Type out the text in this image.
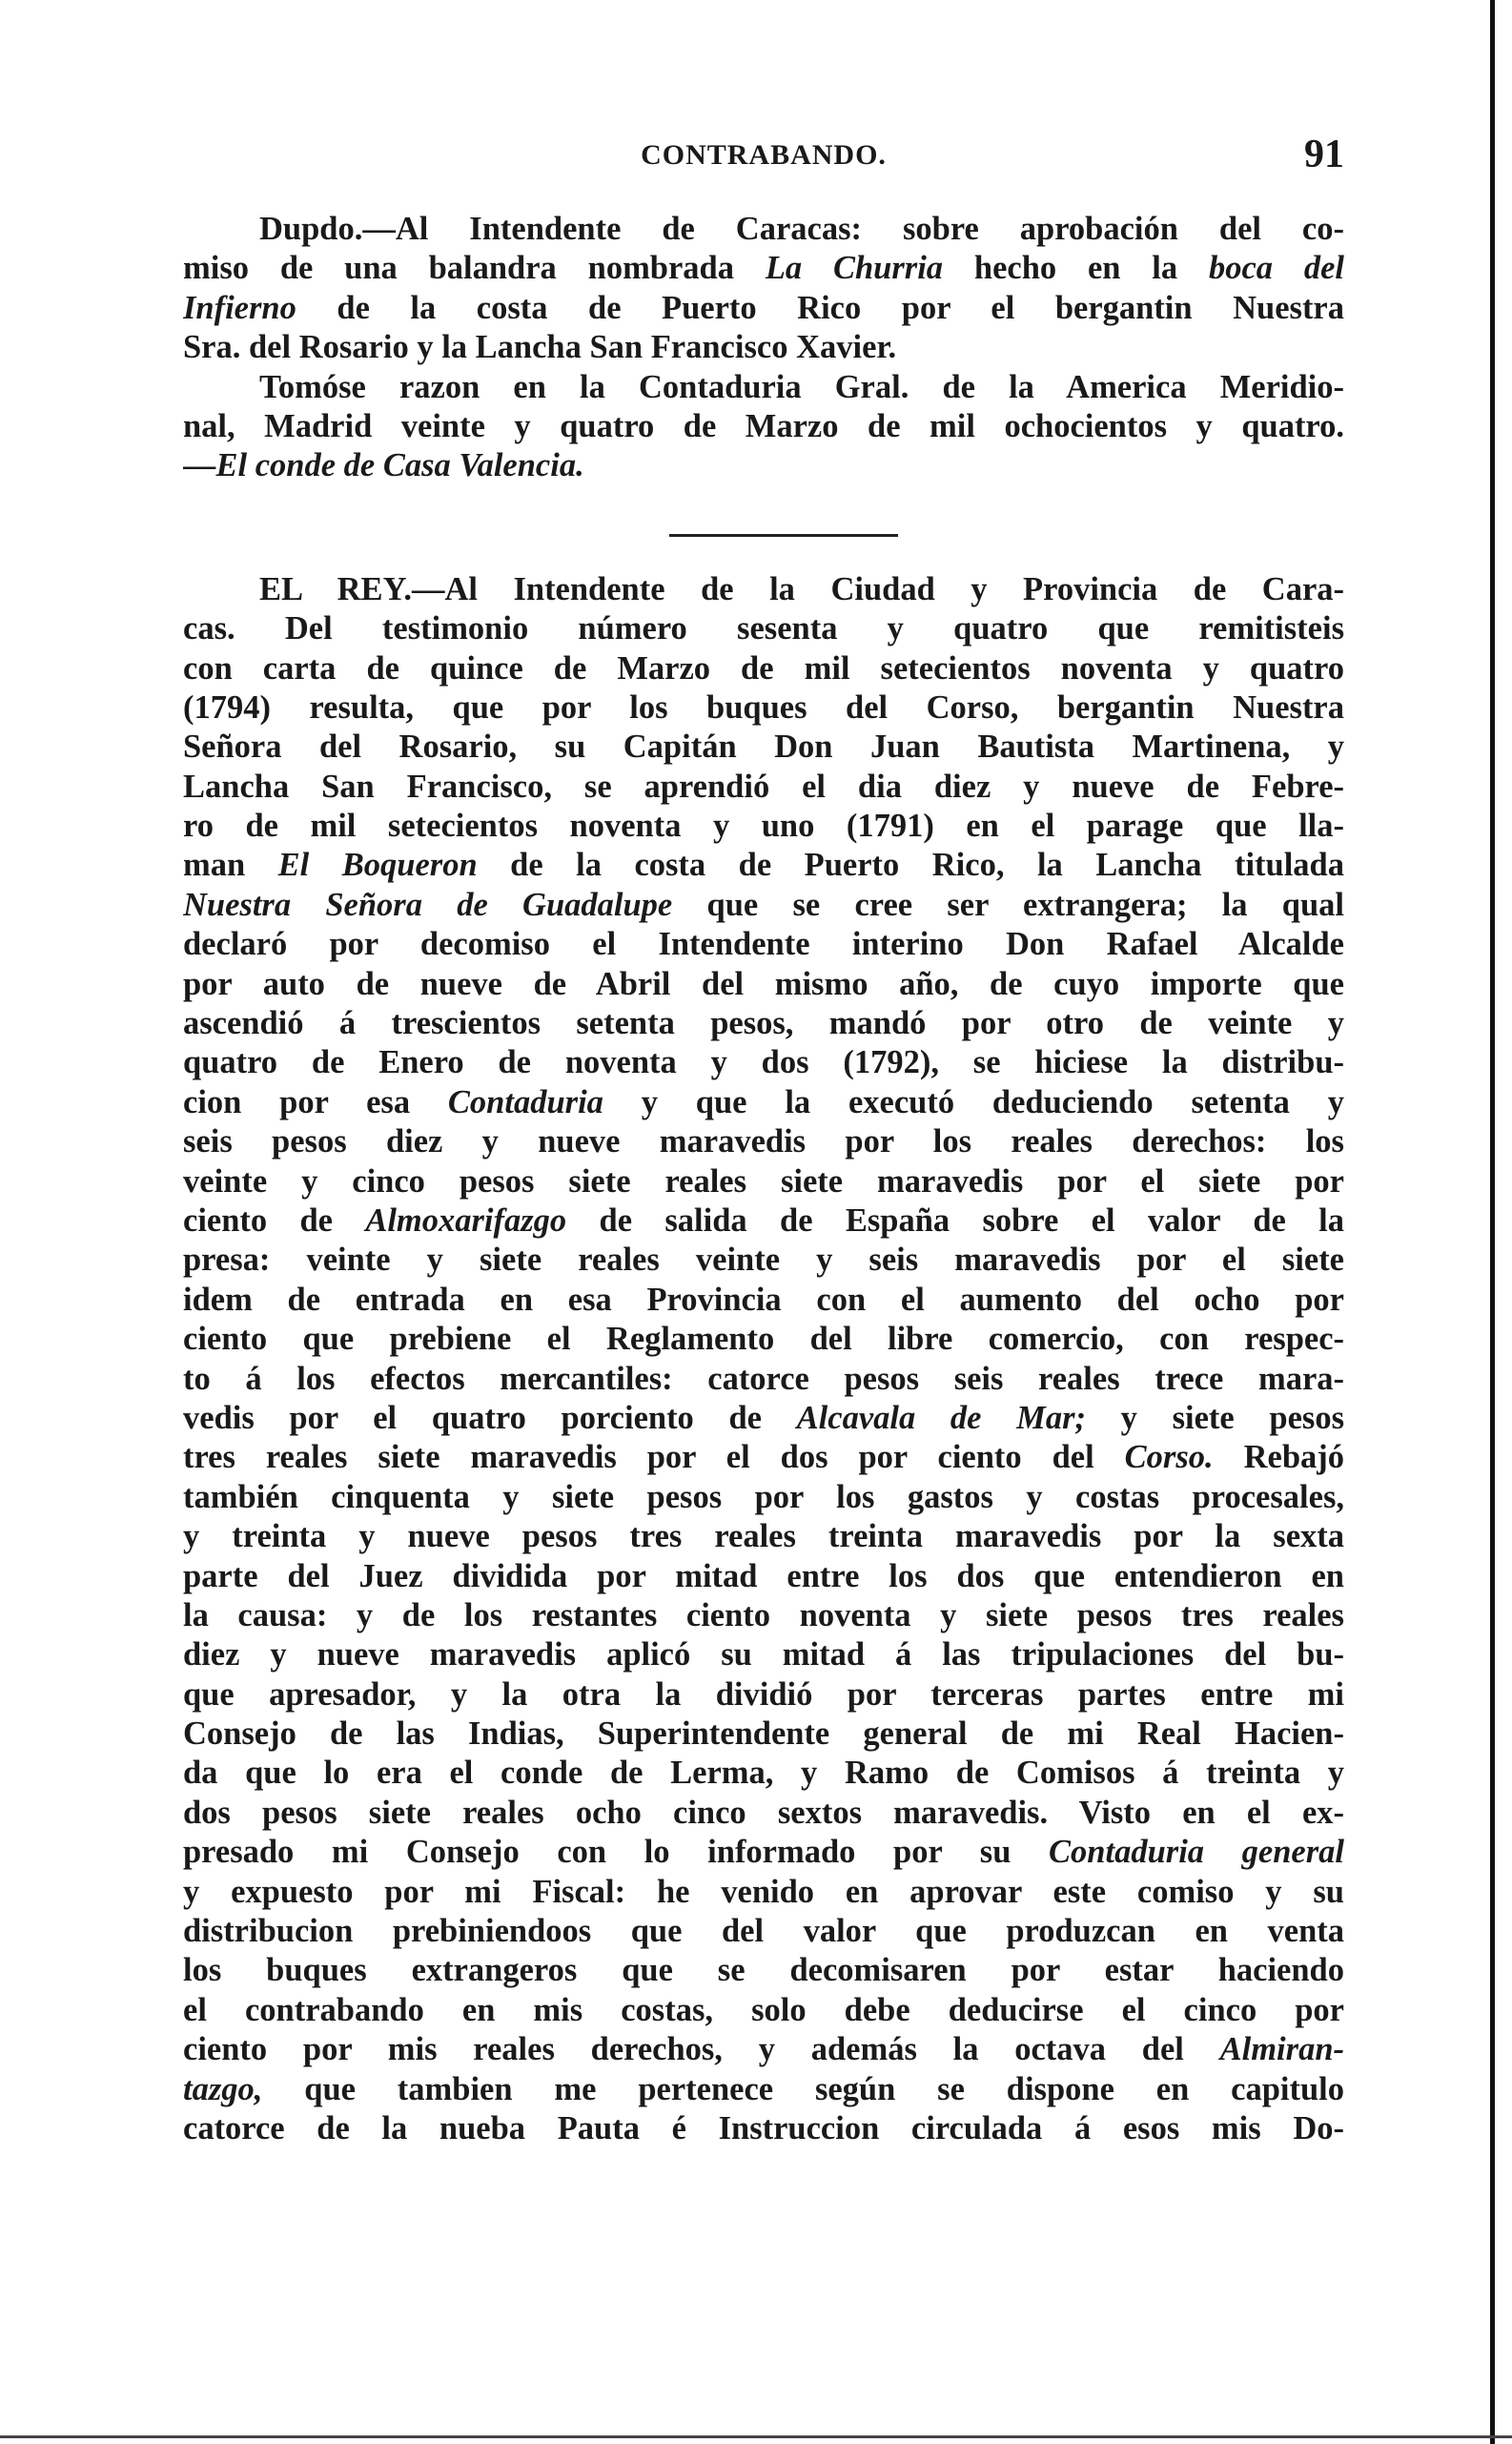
CONTRABANDO.	91
Dupdo.—Al Intendente de Caracas: sobre aprobación del co-
miso de una balandra nombrada La Churria hecho en la boca del
Infierno de la costa de Puerto Rico por el bergantin Nuestra
Sra. del Rosario y la Lancha San Francisco Xavier.
Tomóse razon en la Contaduria Gral. de la America Meridio-
nal, Madrid veinte y quatro de Marzo de mil ochocientos y quatro.
—El conde de Casa Valencia.
EL REY.—Al Intendente de la Ciudad y Provincia de Cara-
cas. Del testimonio número sesenta y quatro que remitisteis
con carta de quince de Marzo de mil setecientos noventa y quatro
(1794) resulta, que por los buques del Corso, bergantin Nuestra
Señora del Rosario, su Capitán Don Juan Bautista Martinena, y
Lancha San Francisco, se aprendió el dia diez y nueve de Febre-
ro de mil setecientos noventa y uno (1791) en el parage que lla-
man El Boqueron de la costa de Puerto Rico, la Lancha titulada
Nuestra Señora de Guadalupe que se cree ser extrangera; la qual
declaró por decomiso el Intendente interino Don Rafael Alcalde
por auto de nueve de Abril del mismo año, de cuyo importe que
ascendió á trescientos setenta pesos, mandó por otro de veinte y
quatro de Enero de noventa y dos (1792), se hiciese la distribu-
cion por esa Contaduria y que la executó deduciendo setenta y
seis pesos diez y nueve maravedis por los reales derechos: los
veinte y cinco pesos siete reales siete maravedis por el siete por
ciento de Almoxarifazgo de salida de España sobre el valor de la
presa: veinte y siete reales veinte y seis maravedis por el siete
idem de entrada en esa Provincia con el aumento del ocho por
ciento que prebiene el Reglamento del libre comercio, con respec-
to á los efectos mercantiles: catorce pesos seis reales trece mara-
vedis por el quatro porciento de Alcavala de Mar; y siete pesos
tres reales siete maravedis por el dos por ciento del Corso. Rebajó
también cinquenta y siete pesos por los gastos y costas procesales,
y treinta y nueve pesos tres reales treinta maravedis por la sexta
parte del Juez dividida por mitad entre los dos que entendieron en
la causa: y de los restantes ciento noventa y siete pesos tres reales
diez y nueve maravedis aplicó su mitad á las tripulaciones del bu-
que apresador, y la otra la dividió por terceras partes entre mi
Consejo de las Indias, Superintendente general de mi Real Hacien-
da que lo era el conde de Lerma, y Ramo de Comisos á treinta y
dos pesos siete reales ocho cinco sextos maravedis. Visto en el ex-
presado mi Consejo con lo informado por su Contaduria general
y expuesto por mi Fiscal: he venido en aprovar este comiso y su
distribucion prebiniendoos que del valor que produzcan en venta
los buques extrangeros que se decomisaren por estar haciendo
el contrabando en mis costas, solo debe deducirse el cinco por
ciento por mis reales derechos, y además la octava del Almiran-
tazgo, que tambien me pertenece según se dispone en capitulo
catorce de la nueba Pauta é Instruccion circulada á esos mis Do-
